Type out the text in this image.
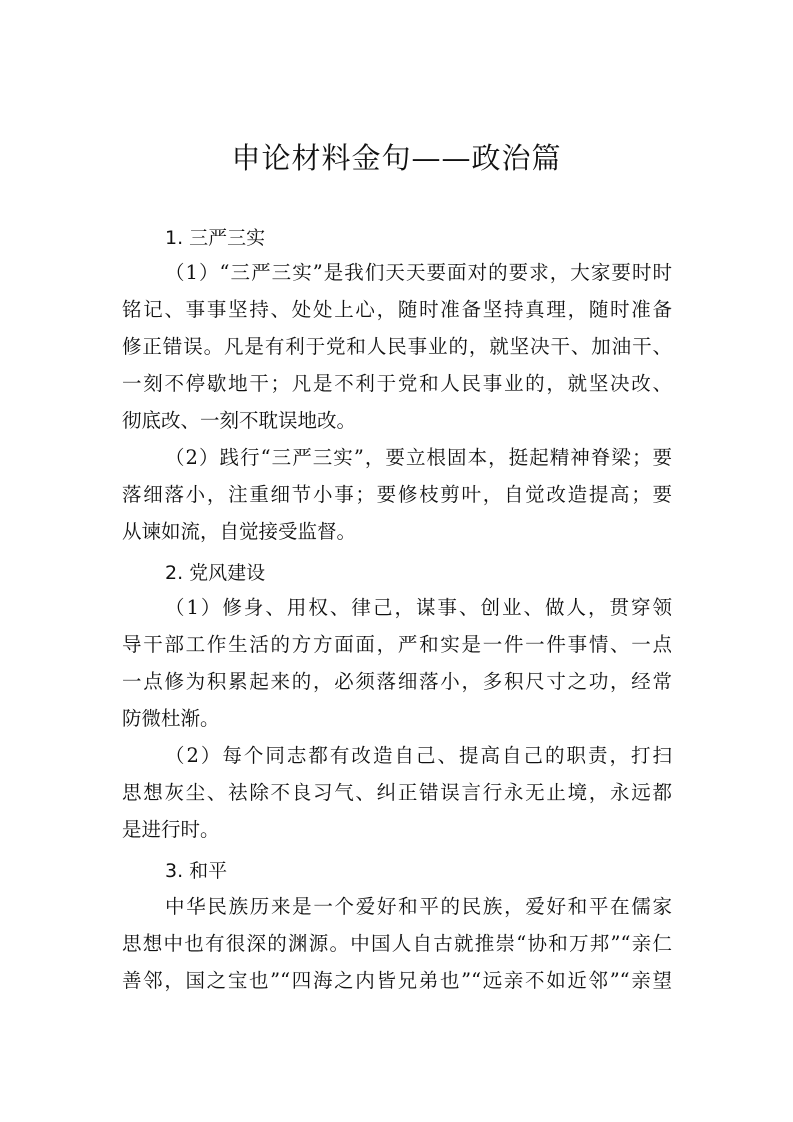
申论材料金句——政治篇
1. 三严三实
（1）“三严三实”是我们天天要面对的要求，大家要时时
铭记、事事坚持、处处上心，随时准备坚持真理，随时准备
修正错误。凡是有利于党和人民事业的，就坚决干、加油干、
一刻不停歇地干；凡是不利于党和人民事业的，就坚决改、
彻底改、一刻不耽误地改。
（2）践行“三严三实”，要立根固本，挺起精神脊梁；要
落细落小，注重细节小事；要修枝剪叶，自觉改造提高；要
从谏如流，自觉接受监督。
2. 党风建设
（1）修身、用权、律己，谋事、创业、做人，贯穿领
导干部工作生活的方方面面，严和实是一件一件事情、一点
一点修为积累起来的，必须落细落小，多积尺寸之功，经常
防微杜渐。
（2）每个同志都有改造自己、提高自己的职责，打扫
思想灰尘、祛除不良习气、纠正错误言行永无止境，永远都
是进行时。
3. 和平
中华民族历来是一个爱好和平的民族，爱好和平在儒家
思想中也有很深的渊源。中国人自古就推崇“协和万邦”“亲仁
善邻，国之宝也”“四海之内皆兄弟也”“远亲不如近邻”“亲望
